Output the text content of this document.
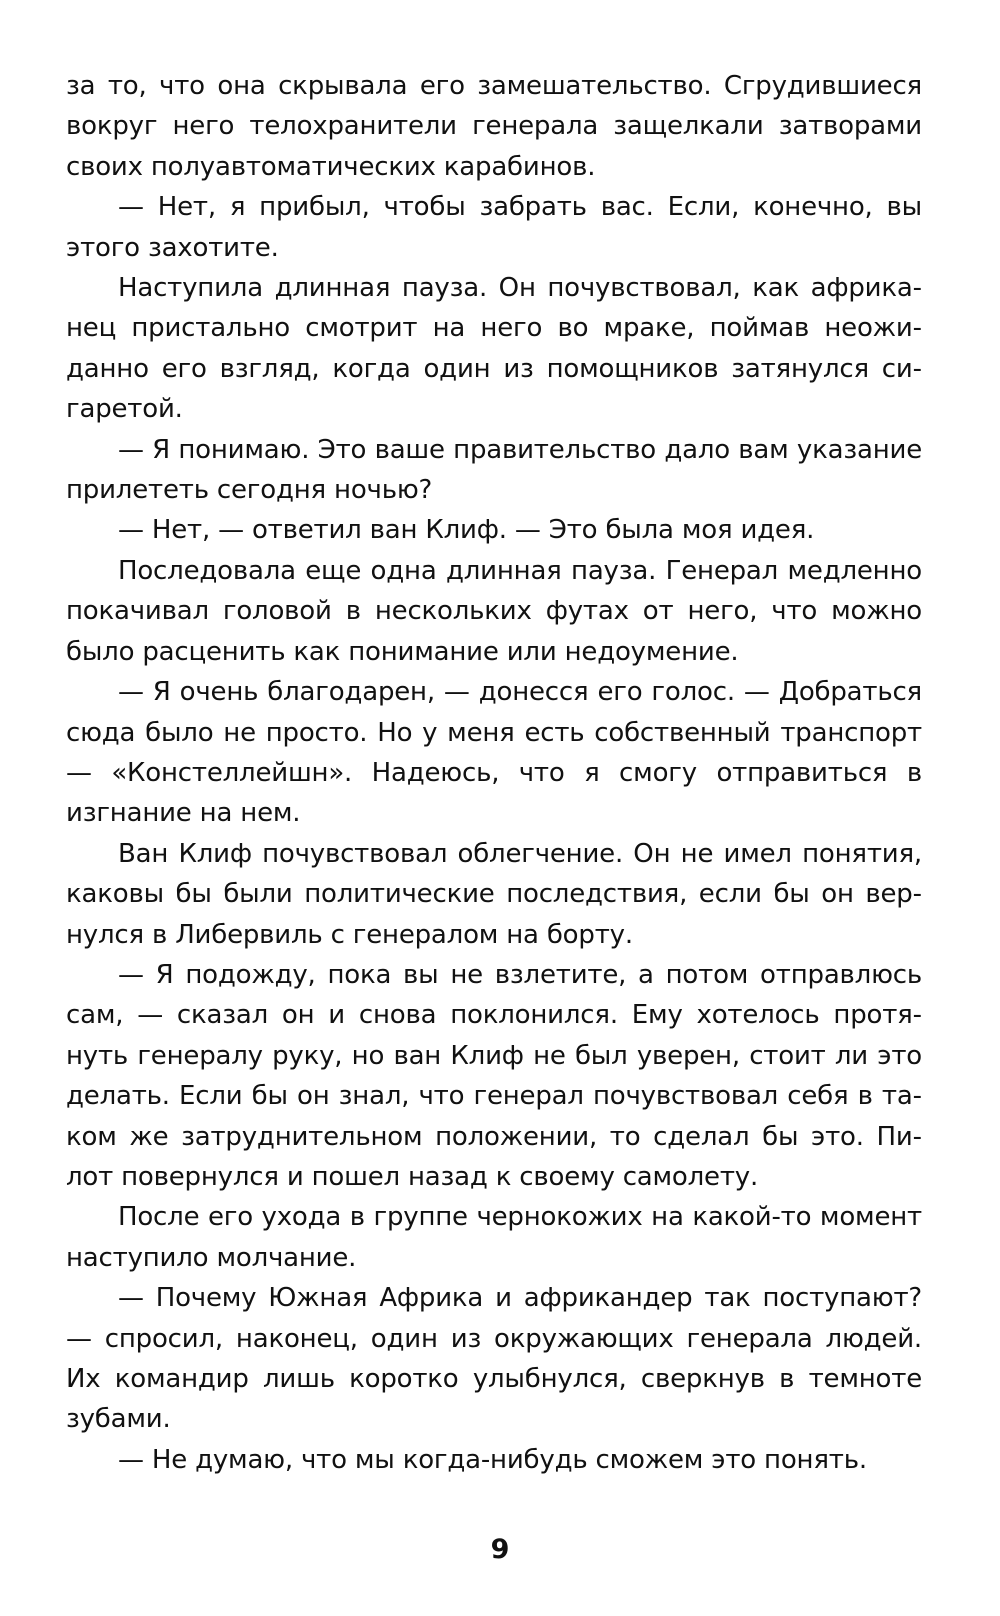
за то, что она скрывала его замешательство. Сгрудившиеся вокруг него телохранители генерала защелкали затворами своих полуавтоматических карабинов.

— Нет, я прибыл, чтобы забрать вас. Если, конечно, вы этого захотите.

Наступила длинная пауза. Он почувствовал, как африканец пристально смотрит на него во мраке, поймав неожиданно его взгляд, когда один из помощников затянулся сигаретой.

— Я понимаю. Это ваше правительство дало вам указание прилететь сегодня ночью?

— Нет, — ответил ван Клиф. — Это была моя идея.

Последовала еще одна длинная пауза. Генерал медленно покачивал головой в нескольких футах от него, что можно было расценить как понимание или недоумение.

— Я очень благодарен, — донесся его голос. — Добраться сюда было не просто. Но у меня есть собственный транспорт — «Констеллейшн». Надеюсь, что я смогу отправиться в изгнание на нем.

Ван Клиф почувствовал облегчение. Он не имел понятия, каковы бы были политические последствия, если бы он вернулся в Либервиль с генералом на борту.

— Я подожду, пока вы не взлетите, а потом отправлюсь сам, — сказал он и снова поклонился. Ему хотелось протянуть генералу руку, но ван Клиф не был уверен, стоит ли это делать. Если бы он знал, что генерал почувствовал себя в таком же затруднительном положении, то сделал бы это. Пилот повернулся и пошел назад к своему самолету.

После его ухода в группе чернокожих на какой-то момент наступило молчание.

— Почему Южная Африка и африкандер так поступают? — спросил, наконец, один из окружающих генерала людей. Их командир лишь коротко улыбнулся, сверкнув в темноте зубами.

— Не думаю, что мы когда-нибудь сможем это понять.

9
